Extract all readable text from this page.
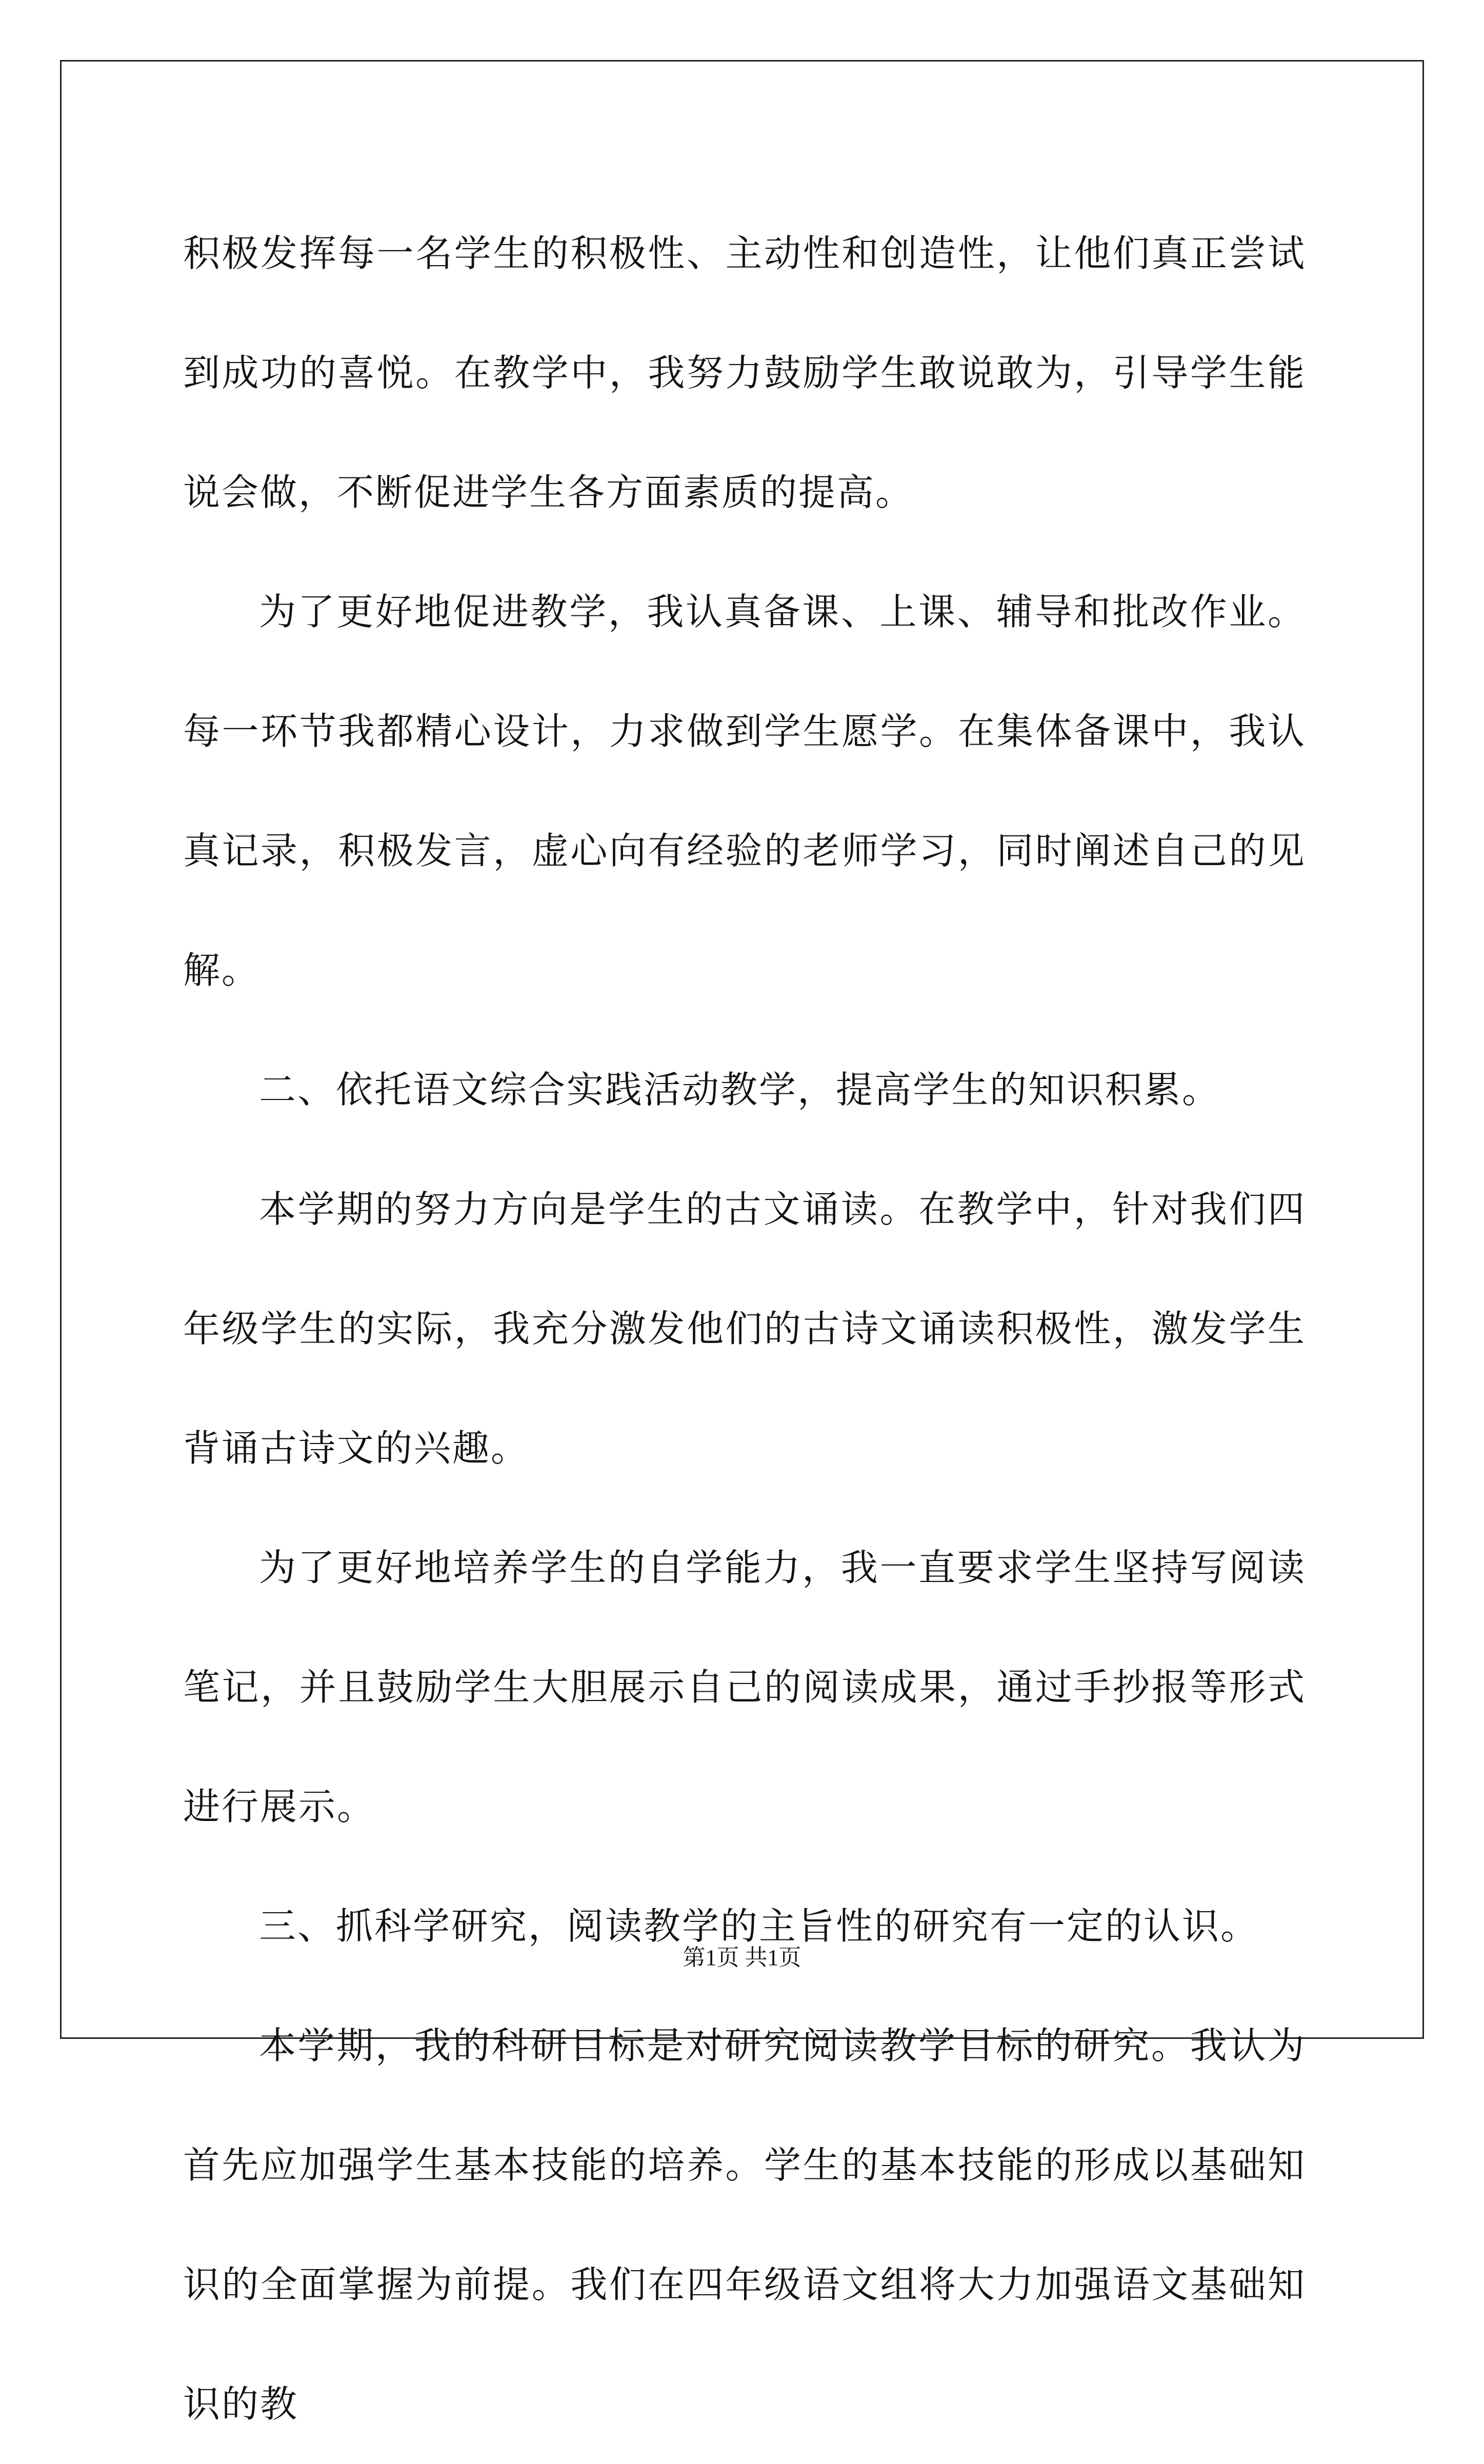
积极发挥每一名学生的积极性、主动性和创造性，让他们真正尝试到成功的喜悦。在教学中，我努力鼓励学生敢说敢为，引导学生能说会做，不断促进学生各方面素质的提高。

为了更好地促进教学，我认真备课、上课、辅导和批改作业。每一环节我都精心设计，力求做到学生愿学。在集体备课中，我认真记录，积极发言，虚心向有经验的老师学习，同时阐述自己的见解。

二、依托语文综合实践活动教学，提高学生的知识积累。

本学期的努力方向是学生的古文诵读。在教学中，针对我们四年级学生的实际，我充分激发他们的古诗文诵读积极性，激发学生背诵古诗文的兴趣。

为了更好地培养学生的自学能力，我一直要求学生坚持写阅读笔记，并且鼓励学生大胆展示自己的阅读成果，通过手抄报等形式进行展示。

三、抓科学研究，阅读教学的主旨性的研究有一定的认识。

本学期，我的科研目标是对研究阅读教学目标的研究。我认为首先应加强学生基本技能的培养。学生的基本技能的形成以基础知识的全面掌握为前提。我们在四年级语文组将大力加强语文基础知识的教

第1页 共1页
